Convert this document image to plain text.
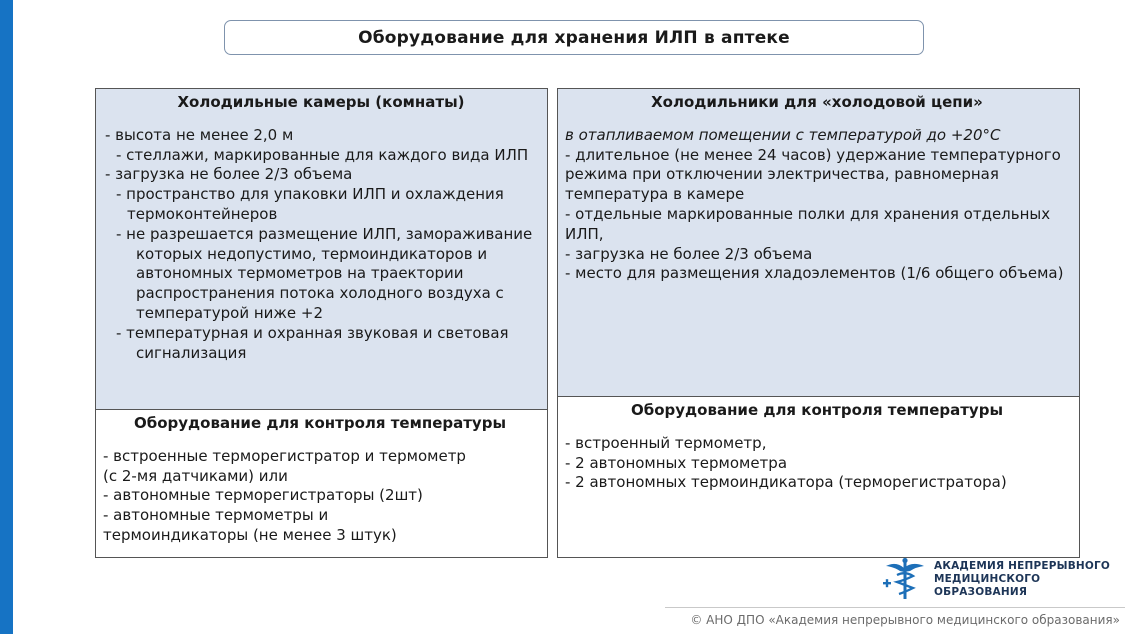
Оборудование для хранения ИЛП в аптеке
Холодильные камеры (комнаты)
- высота не менее 2,0 м
- стеллажи, маркированные для каждого вида ИЛП
- загрузка не более 2/3 объема
- пространство для упаковки ИЛП и охлаждения термоконтейнеров
- не разрешается размещение ИЛП, замораживание которых недопустимо, термоиндикаторов и автономных термометров на траектории распространения потока холодного воздуха с температурой ниже +2
- температурная и охранная звуковая и световая сигнализация
Оборудование для контроля температуры
- встроенные терморегистратор и термометр
(с 2-мя датчиками) или
- автономные терморегистраторы (2шт)
- автономные термометры и
термоиндикаторы (не менее 3 штук)
Холодильники для «холодовой цепи»
в отапливаемом помещении с температурой до +20°С
- длительное (не менее 24 часов) удержание температурного режима при отключении электричества, равномерная температура в камере
- отдельные маркированные полки для хранения отдельных ИЛП,
- загрузка не более 2/3 объема
- место для размещения хладоэлементов (1/6 общего объема)
Оборудование для контроля температуры
- встроенный термометр,
- 2 автономных термометра
- 2 автономных термоиндикатора (терморегистратора)
АКАДЕМИЯ НЕПРЕРЫВНОГО
МЕДИЦИНСКОГО ОБРАЗОВАНИЯ
© АНО ДПО «Академия непрерывного медицинского образования»
